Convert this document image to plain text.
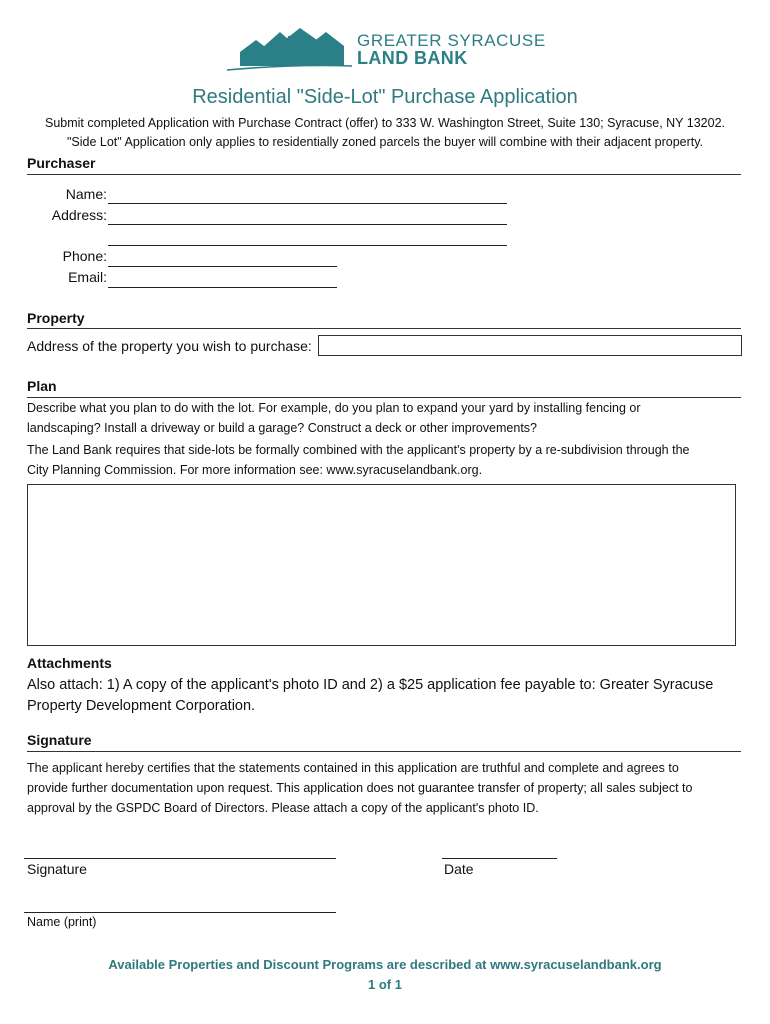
GREATER SYRACUSE
LAND BANK
Residential "Side-Lot" Purchase Application
Submit completed Application with Purchase Contract (offer) to 333 W. Washington Street, Suite 130; Syracuse, NY 13202.
"Side Lot" Application only applies to residentially zoned parcels the buyer will combine with their adjacent property.
Purchaser
Name:
Address:
Phone:
Email:
Property
Address of the property you wish to purchase:
Plan
Describe what you plan to do with the lot. For example, do you plan to expand your yard by installing fencing or
landscaping? Install a driveway or build a garage? Construct a deck or other improvements?
The Land Bank requires that side-lots be formally combined with the applicant's property by a re-subdivision through the
City Planning Commission. For more information see: www.syracuselandbank.org.
Attachments
Also attach: 1) A copy of the applicant's photo ID and 2) a $25 application fee payable to: Greater Syracuse
Property Development Corporation.
Signature
The applicant hereby certifies that the statements contained in this application are truthful and complete and agrees to
provide further documentation upon request. This application does not guarantee transfer of property; all sales subject to
approval by the GSPDC Board of Directors. Please attach a copy of the applicant's photo ID.
Signature	Date
Name (print)
Available Properties and Discount Programs are described at www.syracuselandbank.org
1 of 1
